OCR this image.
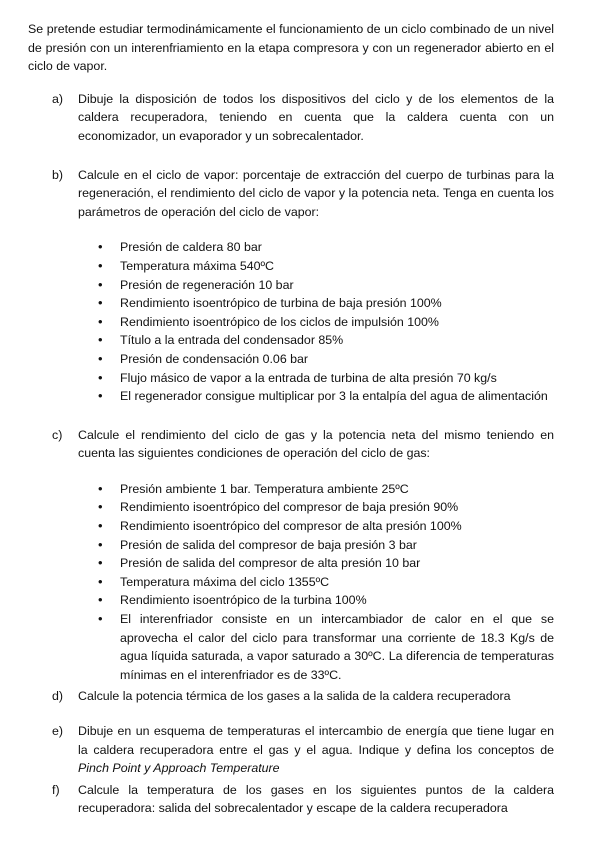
Se pretende estudiar termodinámicamente el funcionamiento de un ciclo combinado de un nivel de presión con un interenfriamiento en la etapa compresora y con un regenerador abierto en el ciclo de vapor.

a) Dibuje la disposición de todos los dispositivos del ciclo y de los elementos de la caldera recuperadora, teniendo en cuenta que la caldera cuenta con un economizador, un evaporador y un sobrecalentador.
b) Calcule en el ciclo de vapor: porcentaje de extracción del cuerpo de turbinas para la regeneración, el rendimiento del ciclo de vapor y la potencia neta. Tenga en cuenta los parámetros de operación del ciclo de vapor:
• Presión de caldera 80 bar
• Temperatura máxima 540ºC
• Presión de regeneración 10 bar
• Rendimiento isoentrópico de turbina de baja presión 100%
• Rendimiento isoentrópico de los ciclos de impulsión 100%
• Título a la entrada del condensador 85%
• Presión de condensación 0.06 bar
• Flujo másico de vapor a la entrada de turbina de alta presión 70 kg/s
• El regenerador consigue multiplicar por 3 la entalpía del agua de alimentación
c) Calcule el rendimiento del ciclo de gas y la potencia neta del mismo teniendo en cuenta las siguientes condiciones de operación del ciclo de gas:
• Presión ambiente 1 bar. Temperatura ambiente 25ºC
• Rendimiento isoentrópico del compresor de baja presión 90%
• Rendimiento isoentrópico del compresor de alta presión 100%
• Presión de salida del compresor de baja presión 3 bar
• Presión de salida del compresor de alta presión 10 bar
• Temperatura máxima del ciclo 1355ºC
• Rendimiento isoentrópico de la turbina 100%
• El interenfriador consiste en un intercambiador de calor en el que se aprovecha el calor del ciclo para transformar una corriente de 18.3 Kg/s de agua líquida saturada, a vapor saturado a 30ºC. La diferencia de temperaturas mínimas en el interenfriador es de 33ºC.
d) Calcule la potencia térmica de los gases a la salida de la caldera recuperadora
e) Dibuje en un esquema de temperaturas el intercambio de energía que tiene lugar en la caldera recuperadora entre el gas y el agua. Indique y defina los conceptos de Pinch Point y Approach Temperature
f) Calcule la temperatura de los gases en los siguientes puntos de la caldera recuperadora: salida del sobrecalentador y escape de la caldera recuperadora
